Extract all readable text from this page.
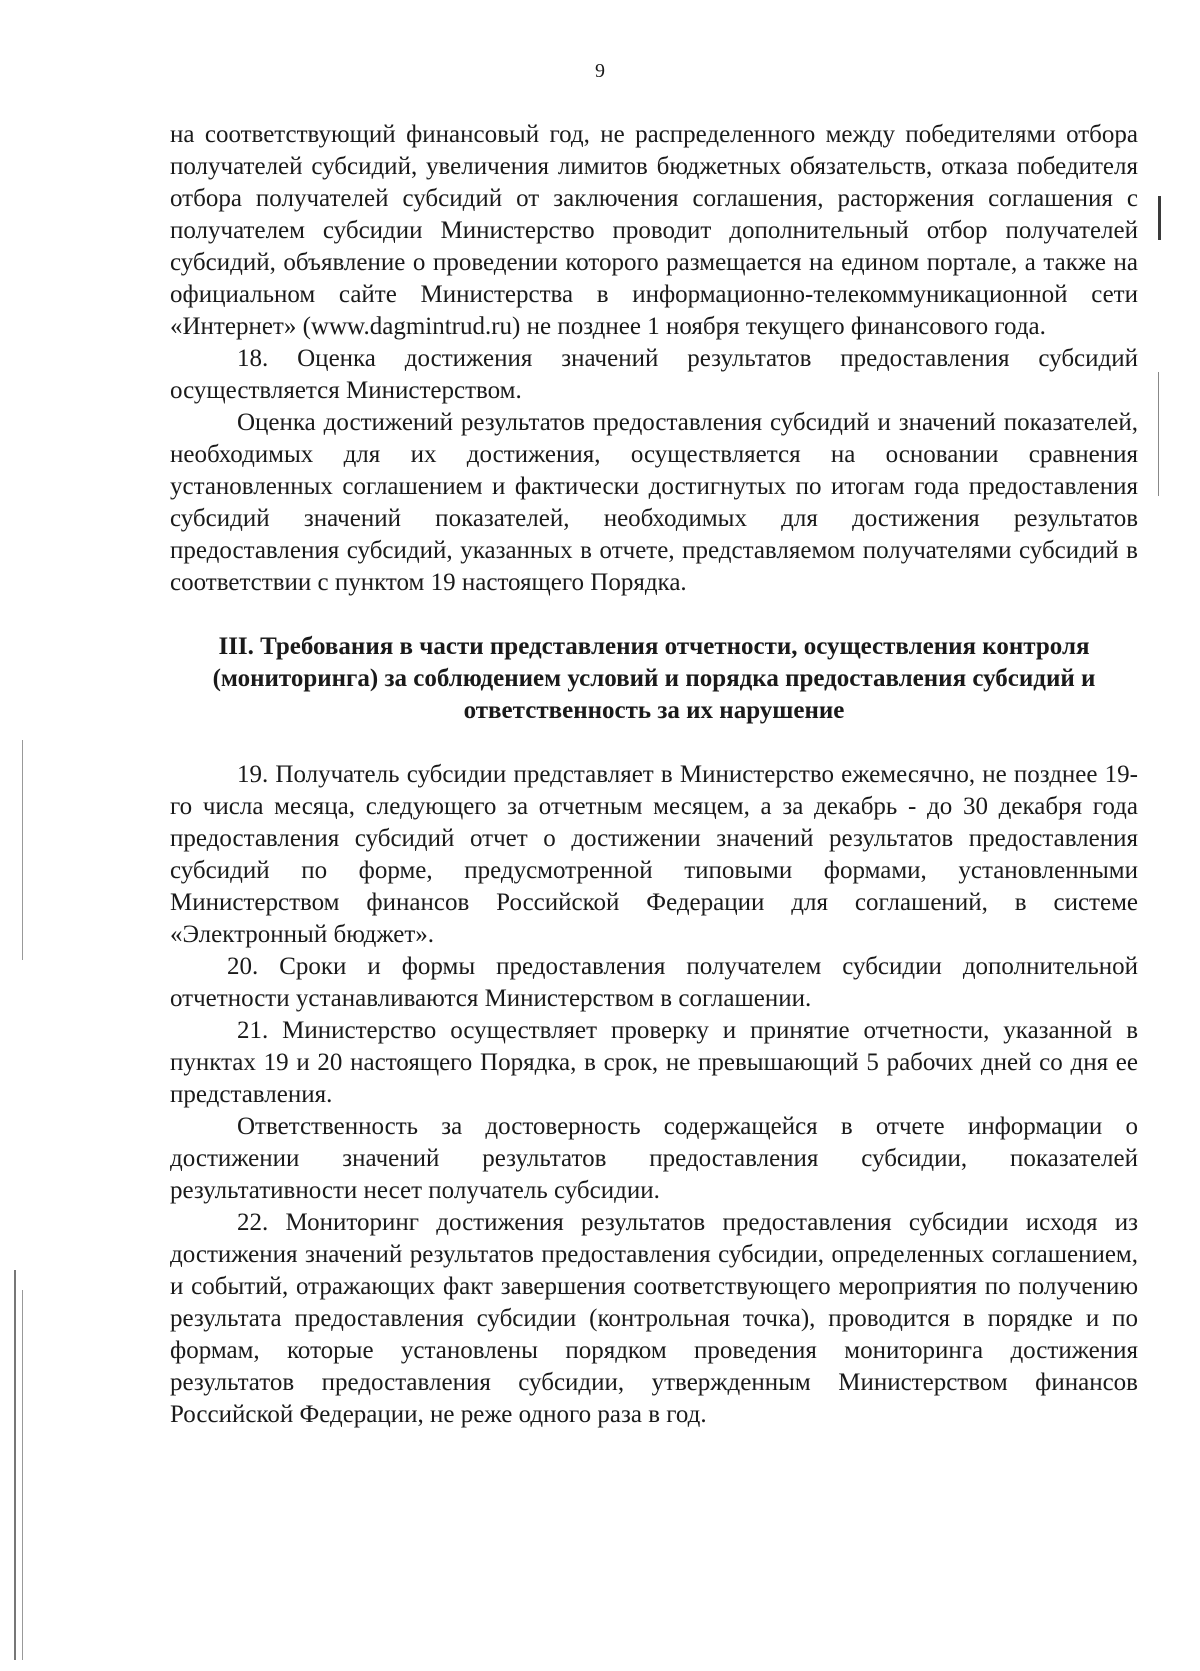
9

на соответствующий финансовый год, не распределенного между победителями отбора получателей субсидий, увеличения лимитов бюджетных обязательств, отказа победителя отбора получателей субсидий от заключения соглашения, расторжения соглашения с получателем субсидии Министерство проводит дополнительный отбор получателей субсидий, объявление о проведении которого размещается на едином портале, а также на официальном сайте Министерства в информационно-телекоммуникационной сети «Интернет» (www.dagmintrud.ru) не позднее 1 ноября текущего финансового года.

18. Оценка достижения значений результатов предоставления субсидий осуществляется Министерством.

Оценка достижений результатов предоставления субсидий и значений показателей, необходимых для их достижения, осуществляется на основании сравнения установленных соглашением и фактически достигнутых по итогам года предоставления субсидий значений показателей, необходимых для достижения результатов предоставления субсидий, указанных в отчете, представляемом получателями субсидий в соответствии с пунктом 19 настоящего Порядка.

III. Требования в части представления отчетности, осуществления контроля (мониторинга) за соблюдением условий и порядка предоставления субсидий и ответственность за их нарушение

19. Получатель субсидии представляет в Министерство ежемесячно, не позднее 19-го числа месяца, следующего за отчетным месяцем, а за декабрь - до 30 декабря года предоставления субсидий отчет о достижении значений результатов предоставления субсидий по форме, предусмотренной типовыми формами, установленными Министерством финансов Российской Федерации для соглашений, в системе «Электронный бюджет».

20. Сроки и формы предоставления получателем субсидии дополнительной отчетности устанавливаются Министерством в соглашении.

21. Министерство осуществляет проверку и принятие отчетности, указанной в пунктах 19 и 20 настоящего Порядка, в срок, не превышающий 5 рабочих дней со дня ее представления.

Ответственность за достоверность содержащейся в отчете информации о достижении значений результатов предоставления субсидии, показателей результативности несет получатель субсидии.

22. Мониторинг достижения результатов предоставления субсидии исходя из достижения значений результатов предоставления субсидии, определенных соглашением, и событий, отражающих факт завершения соответствующего мероприятия по получению результата предоставления субсидии (контрольная точка), проводится в порядке и по формам, которые установлены порядком проведения мониторинга достижения результатов предоставления субсидии, утвержденным Министерством финансов Российской Федерации, не реже одного раза в год.
